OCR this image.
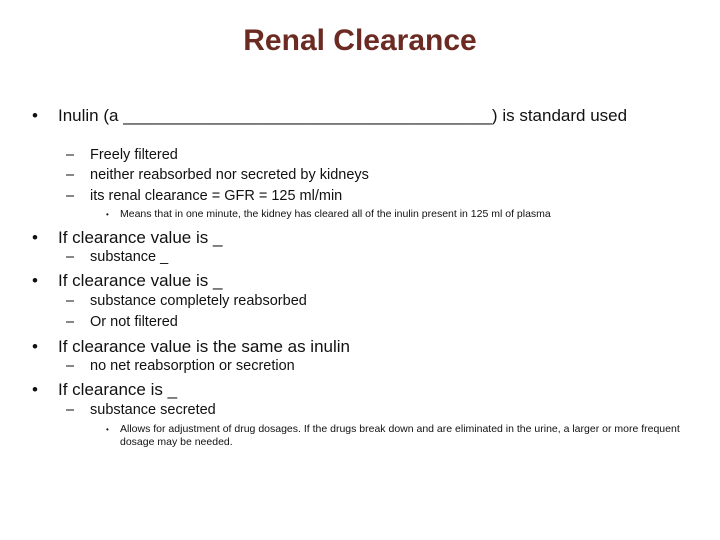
Renal Clearance
•	Inulin (a _______________________________________) is standard used
–	Freely filtered
–	neither reabsorbed nor secreted by kidneys
–	its renal clearance = GFR = 125 ml/min
•	Means that in one minute, the kidney has cleared all of the inulin present in 125 ml of plasma
•	If clearance value is _
–	substance _
•	If clearance value is _
–	substance completely reabsorbed
–	Or not filtered
•	If clearance value is the same as inulin
–	no net reabsorption or secretion
•	If clearance is _
–	substance secreted
•	Allows for adjustment of drug dosages. If the drugs break down and are eliminated in the urine, a larger or more frequent dosage may be needed.
